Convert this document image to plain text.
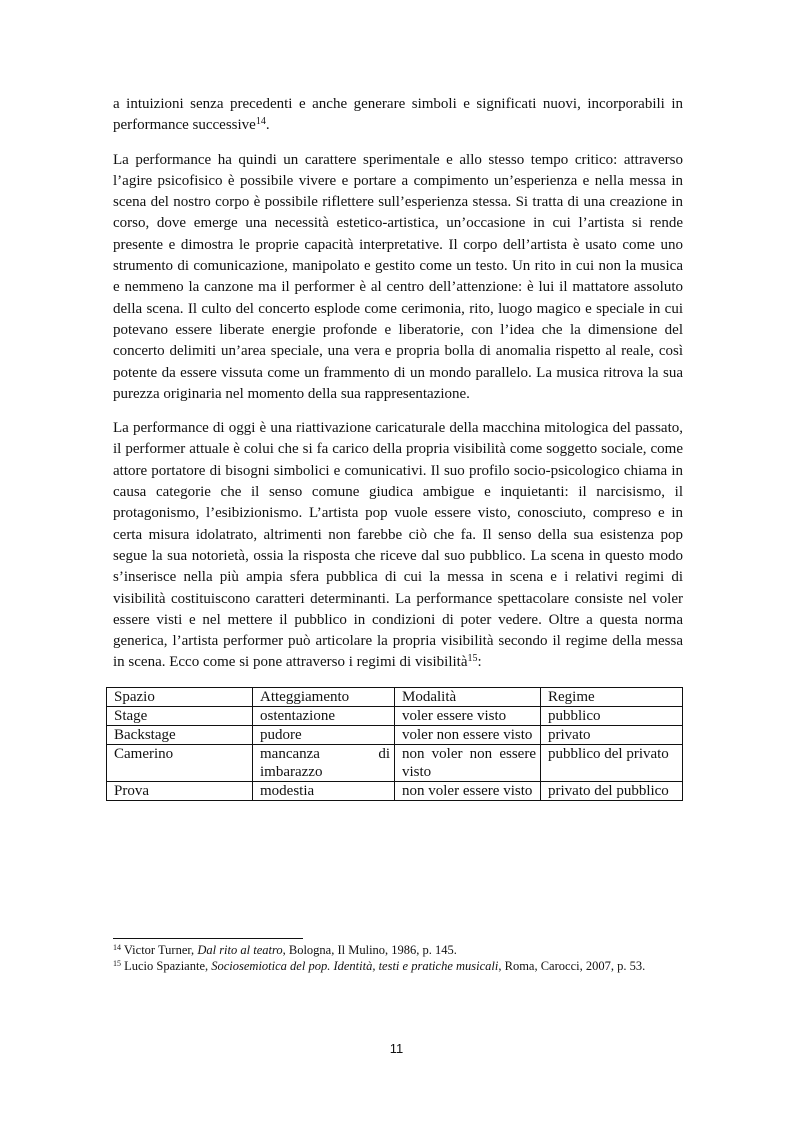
a intuizioni senza precedenti e anche generare simboli e significati nuovi, incorporabili in performance successive$^{14}$.

La performance ha quindi un carattere sperimentale e allo stesso tempo critico: attraverso l’agire psicofisico è possibile vivere e portare a compimento un’esperienza e nella messa in scena del nostro corpo è possibile riflettere sull’esperienza stessa. Si tratta di una creazione in corso, dove emerge una necessità estetico-artistica, un’occasione in cui l’artista si rende presente e dimostra le proprie capacità interpretative. Il corpo dell’artista è usato come uno strumento di comunicazione, manipolato e gestito come un testo. Un rito in cui non la musica e nemmeno la canzone ma il performer è al centro dell’attenzione: è lui il mattatore assoluto della scena. Il culto del concerto esplode come cerimonia, rito, luogo magico e speciale in cui potevano essere liberate energie profonde e liberatorie, con l’idea che la dimensione del concerto delimiti un’area speciale, una vera e propria bolla di anomalia rispetto al reale, così potente da essere vissuta come un frammento di un mondo parallelo. La musica ritrova la sua purezza originaria nel momento della sua rappresentazione.

La performance di oggi è una riattivazione caricaturale della macchina mitologica del passato, il performer attuale è colui che si fa carico della propria visibilità come soggetto sociale, come attore portatore di bisogni simbolici e comunicativi. Il suo profilo socio-psicologico chiama in causa categorie che il senso comune giudica ambigue e inquietanti: il narcisismo, il protagonismo, l’esibizionismo. L’artista pop vuole essere visto, conosciuto, compreso e in certa misura idolatrato, altrimenti non farebbe ciò che fa. Il senso della sua esistenza pop segue la sua notorietà, ossia la risposta che riceve dal suo pubblico. La scena in questo modo s’inserisce nella più ampia sfera pubblica di cui la messa in scena e i relativi regimi di visibilità costituiscono caratteri determinanti. La performance spettacolare consiste nel voler essere visti e nel mettere il pubblico in condizioni di poter vedere. Oltre a questa norma generica, l’artista performer può articolare la propria visibilità secondo il regime della messa in scena. Ecco come si pone attraverso i regimi di visibilità$^{15}$:

Spazio	Atteggiamento	Modalità	Regime
Stage	ostentazione	voler essere visto	pubblico
Backstage	pudore	voler non essere visto	privato
Camerino	mancanza di imbarazzo	non voler non essere visto	pubblico del privato
Prova	modestia	non voler essere visto	privato del pubblico

$^{14}$ Victor Turner, Dal rito al teatro, Bologna, Il Mulino, 1986, p. 145.

$^{15}$ Lucio Spaziante, Sociosemiotica del pop. Identità, testi e pratiche musicali, Roma, Carocci, 2007, p. 53.

11
